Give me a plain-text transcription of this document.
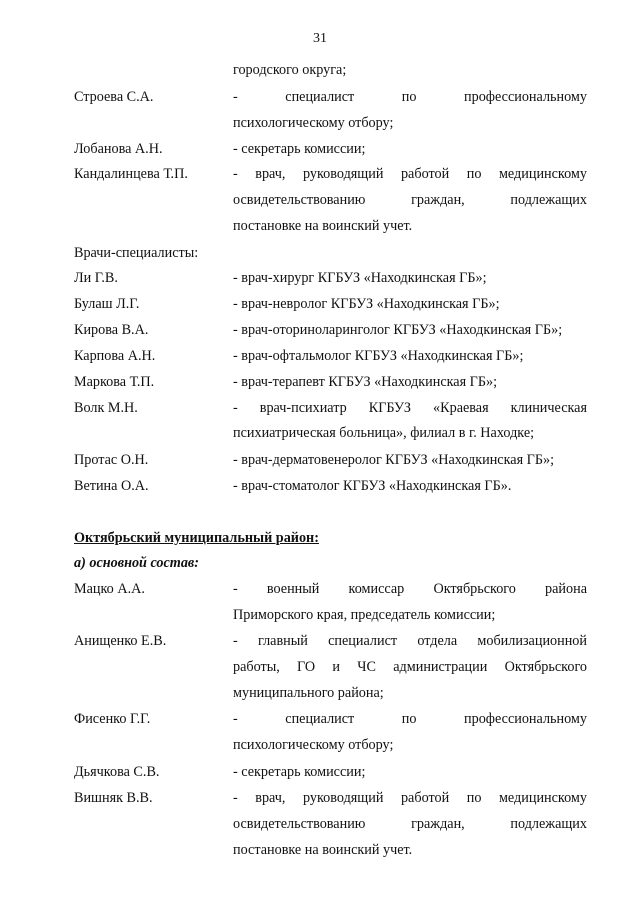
31
городского округа;
Строева С.А.	- специалист по профессиональному
психологическому отбору;
Лобанова А.Н.	- секретарь комиссии;
Кандалинцева Т.П.	- врач, руководящий работой по медицинскому
освидетельствованию граждан, подлежащих
постановке на воинский учет.
Врачи-специалисты:
Ли Г.В.	- врач-хирург КГБУЗ «Находкинская ГБ»;
Булаш Л.Г.	- врач-невролог КГБУЗ «Находкинская ГБ»;
Кирова В.А.	- врач-оториноларинголог КГБУЗ «Находкинская ГБ»;
Карпова А.Н.	- врач-офтальмолог КГБУЗ «Находкинская ГБ»;
Маркова Т.П.	- врач-терапевт КГБУЗ «Находкинская ГБ»;
Волк М.Н.	- врач-психиатр КГБУЗ «Краевая клиническая
психиатрическая больница», филиал в г. Находке;
Протас О.Н.	- врач-дерматовенеролог КГБУЗ «Находкинская ГБ»;
Ветина О.А.	- врач-стоматолог КГБУЗ «Находкинская ГБ».
Октябрьский муниципальный район:
а) основной состав:
Мацко А.А.	- военный комиссар Октябрьского района
Приморского края, председатель комиссии;
Анищенко Е.В.	- главный специалист отдела мобилизационной
работы, ГО и ЧС администрации Октябрьского
муниципального района;
Фисенко Г.Г.	- специалист по профессиональному
психологическому отбору;
Дьячкова С.В.	- секретарь комиссии;
Вишняк В.В.	- врач, руководящий работой по медицинскому
освидетельствованию граждан, подлежащих
постановке на воинский учет.
